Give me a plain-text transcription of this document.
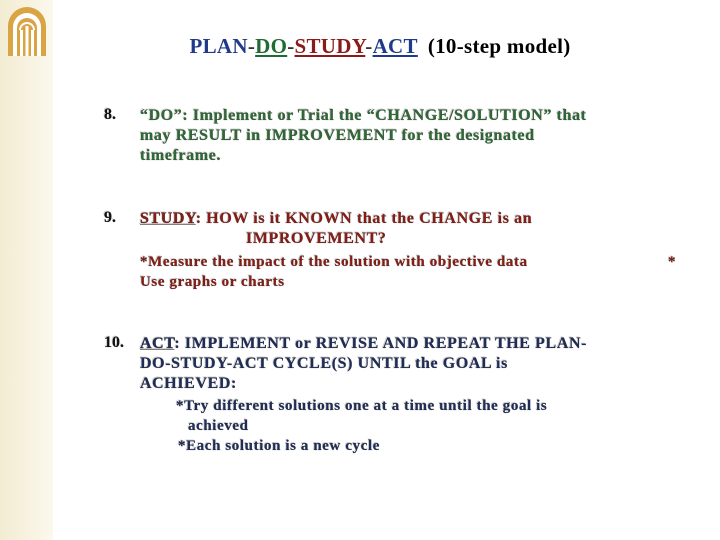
PLAN-DO-STUDY-ACT (10-step model)
8. “DO”: Implement or Trial the “CHANGE/SOLUTION” that
may RESULT in IMPROVEMENT for the designated
timeframe.
9. STUDY: HOW is it KNOWN that the CHANGE is an
IMPROVEMENT?
*Measure the impact of the solution with objective data
Use graphs or charts
*
10. ACT: IMPLEMENT or REVISE AND REPEAT THE PLAN-
DO-STUDY-ACT CYCLE(S) UNTIL the GOAL is
ACHIEVED:
*Try different solutions one at a time until the goal is
achieved
*Each solution is a new cycle
